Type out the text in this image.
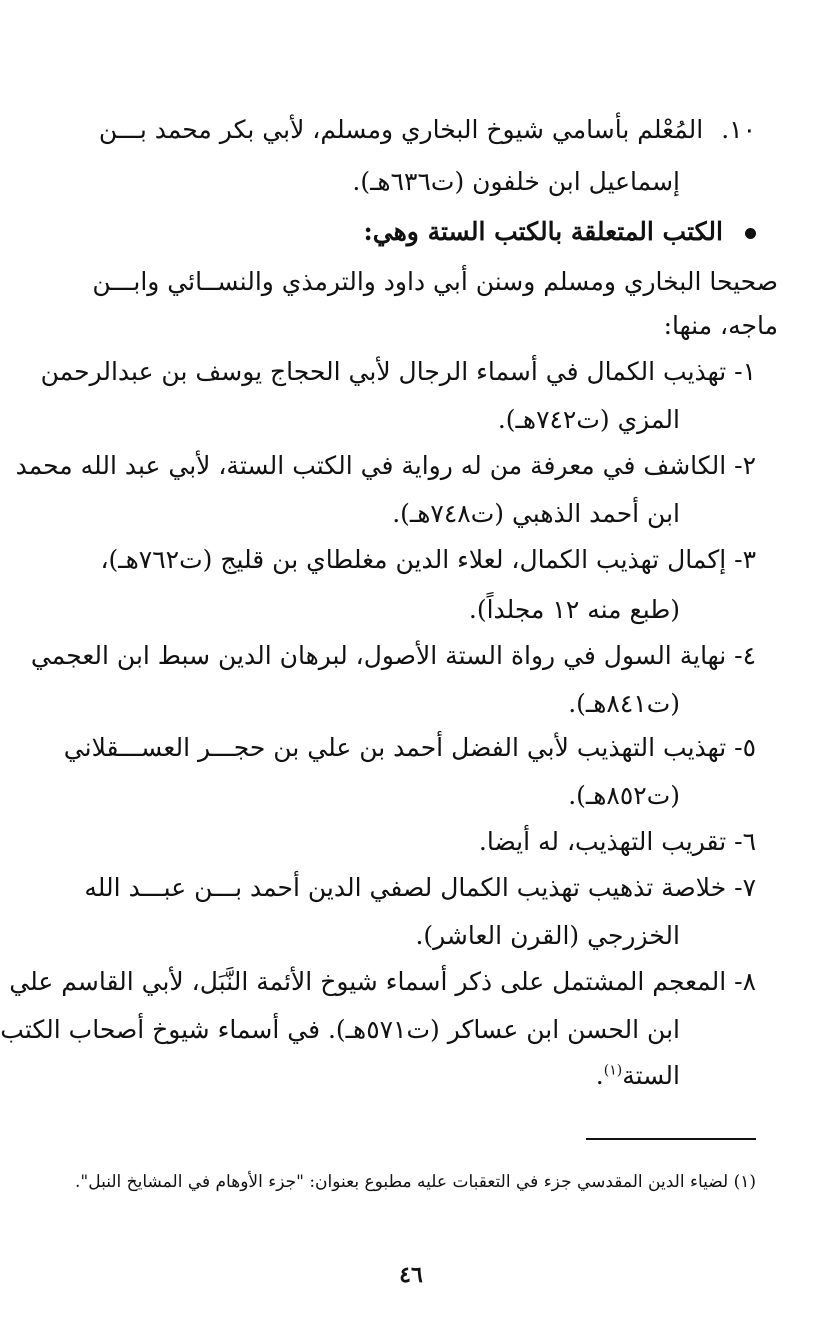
١٠. المُعْلم بأسامي شيوخ البخاري ومسلم، لأبي بكر محمد بـــن
إسماعيل ابن خلفون (ت٦٣٦هـ).
الكتب المتعلقة بالكتب الستة وهي:
صحيحا البخاري ومسلم وسنن أبي داود والترمذي والنســائي وابـــن
ماجه، منها:
١- تهذيب الكمال في أسماء الرجال لأبي الحجاج يوسف بن عبدالرحمن
المزي (ت٧٤٢هـ).
٢- الكاشف في معرفة من له رواية في الكتب الستة، لأبي عبد الله محمد
ابن أحمد الذهبي (ت٧٤٨هـ).
٣- إكمال تهذيب الكمال، لعلاء الدين مغلطاي بن قليج (ت٧٦٢هـ)،
(طبع منه ١٢ مجلداً).
٤- نهاية السول في رواة الستة الأصول، لبرهان الدين سبط ابن العجمي
(ت٨٤١هـ).
٥- تهذيب التهذيب لأبي الفضل أحمد بن علي بن حجـــر العســـقلاني
(ت٨٥٢هـ).
٦- تقريب التهذيب، له أيضا.
٧- خلاصة تذهيب تهذيب الكمال لصفي الدين أحمد بـــن عبـــد الله
الخزرجي (القرن العاشر).
٨- المعجم المشتمل على ذكر أسماء شيوخ الأئمة النَّبَل، لأبي القاسم علي
ابن الحسن ابن عساكر (ت٥٧١هـ). في أسماء شيوخ أصحاب الكتب
الستة$^{(١)}$.
(١) لضياء الدين المقدسي جزء في التعقبات عليه مطبوع بعنوان: "جزء الأوهام في المشايخ النبل".
٤٦
